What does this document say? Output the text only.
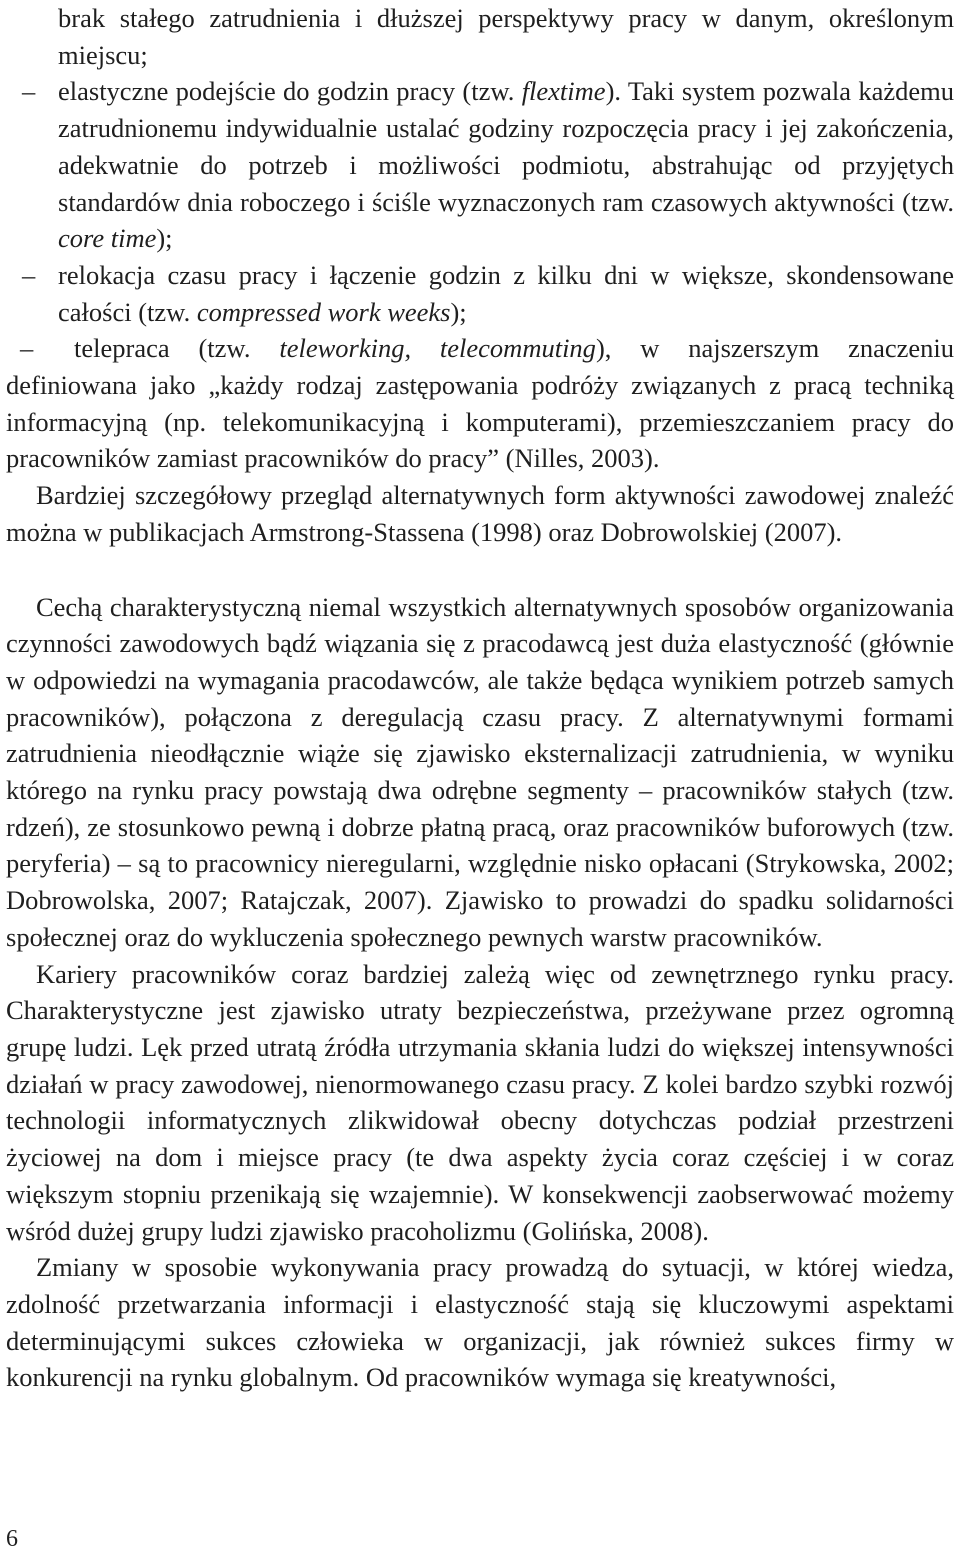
brak stałego zatrudnienia i dłuższej perspektywy pracy w danym, określonym miejscu;
– elastyczne podejście do godzin pracy (tzw. flextime). Taki system pozwala każdemu zatrudnionemu indywidualnie ustalać godziny rozpoczęcia pracy i jej zakończenia, adekwatnie do potrzeb i możliwości podmiotu, abstrahując od przyjętych standardów dnia roboczego i ściśle wyznaczonych ram czasowych aktywności (tzw. core time);
– relokacja czasu pracy i łączenie godzin z kilku dni w większe, skondensowane całości (tzw. compressed work weeks);
– telepraca (tzw. teleworking, telecommuting), w najszerszym znaczeniu definiowana jako „każdy rodzaj zastępowania podróży związanych z pracą techniką informacyjną (np. telekomunikacyjną i komputerami), przemieszczaniem pracy do pracowników zamiast pracowników do pracy” (Nilles, 2003).

Bardziej szczegółowy przegląd alternatywnych form aktywności zawodowej znaleźć można w publikacjach Armstrong-Stassena (1998) oraz Dobrowolskiej (2007).

Cechą charakterystyczną niemal wszystkich alternatywnych sposobów organizowania czynności zawodowych bądź wiązania się z pracodawcą jest duża elastyczność (głównie w odpowiedzi na wymagania pracodawców, ale także będąca wynikiem potrzeb samych pracowników), połączona z deregulacją czasu pracy. Z alternatywnymi formami zatrudnienia nieodłącznie wiąże się zjawisko eksternalizacji zatrudnienia, w wyniku którego na rynku pracy powstają dwa odrębne segmenty – pracowników stałych (tzw. rdzeń), ze stosunkowo pewną i dobrze płatną pracą, oraz pracowników buforowych (tzw. peryferia) – są to pracownicy nieregularni, względnie nisko opłacani (Strykowska, 2002; Dobrowolska, 2007; Ratajczak, 2007). Zjawisko to prowadzi do spadku solidarności społecznej oraz do wykluczenia społecznego pewnych warstw pracowników.

Kariery pracowników coraz bardziej zależą więc od zewnętrznego rynku pracy. Charakterystyczne jest zjawisko utraty bezpieczeństwa, przeżywane przez ogromną grupę ludzi. Lęk przed utratą źródła utrzymania skłania ludzi do większej intensywności działań w pracy zawodowej, nienormowanego czasu pracy. Z kolei bardzo szybki rozwój technologii informatycznych zlikwidował obecny dotychczas podział przestrzeni życiowej na dom i miejsce pracy (te dwa aspekty życia coraz częściej i w coraz większym stopniu przenikają się wzajemnie). W konsekwencji zaobserwować możemy wśród dużej grupy ludzi zjawisko pracoholizmu (Golińska, 2008).

Zmiany w sposobie wykonywania pracy prowadzą do sytuacji, w której wiedza, zdolność przetwarzania informacji i elastyczność stają się kluczowymi aspektami determinującymi sukces człowieka w organizacji, jak również sukces firmy w konkurencji na rynku globalnym. Od pracowników wymaga się kreatywności,

6
